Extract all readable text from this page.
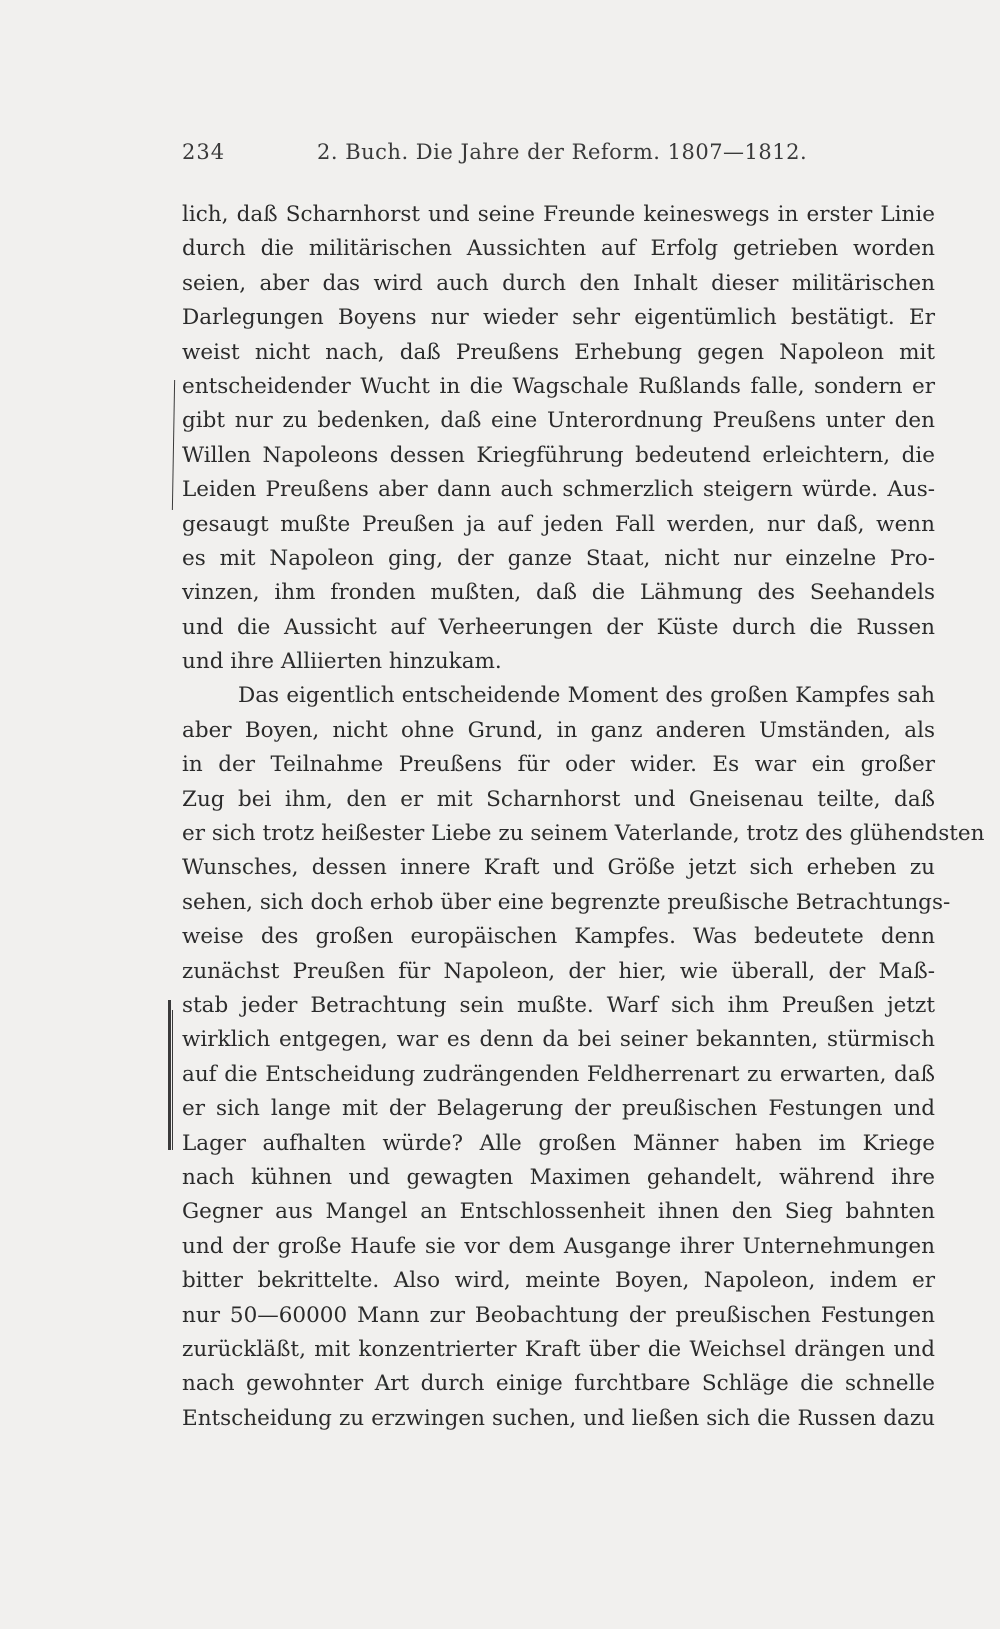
234	2. Buch. Die Jahre der Reform. 1807—1812.
lich, daß Scharnhorst und seine Freunde keineswegs in erster Linie
durch die militärischen Aussichten auf Erfolg getrieben worden
seien, aber das wird auch durch den Inhalt dieser militärischen
Darlegungen Boyens nur wieder sehr eigentümlich bestätigt. Er
weist nicht nach, daß Preußens Erhebung gegen Napoleon mit
entscheidender Wucht in die Wagschale Rußlands falle, sondern er
gibt nur zu bedenken, daß eine Unterordnung Preußens unter den
Willen Napoleons dessen Kriegführung bedeutend erleichtern, die
Leiden Preußens aber dann auch schmerzlich steigern würde. Aus-
gesaugt mußte Preußen ja auf jeden Fall werden, nur daß, wenn
es mit Napoleon ging, der ganze Staat, nicht nur einzelne Pro-
vinzen, ihm fronden mußten, daß die Lähmung des Seehandels
und die Aussicht auf Verheerungen der Küste durch die Russen
und ihre Alliierten hinzukam.
Das eigentlich entscheidende Moment des großen Kampfes sah
aber Boyen, nicht ohne Grund, in ganz anderen Umständen, als
in der Teilnahme Preußens für oder wider. Es war ein großer
Zug bei ihm, den er mit Scharnhorst und Gneisenau teilte, daß
er sich trotz heißester Liebe zu seinem Vaterlande, trotz des glühendsten
Wunsches, dessen innere Kraft und Größe jetzt sich erheben zu
sehen, sich doch erhob über eine begrenzte preußische Betrachtungs-
weise des großen europäischen Kampfes. Was bedeutete denn
zunächst Preußen für Napoleon, der hier, wie überall, der Maß-
stab jeder Betrachtung sein mußte. Warf sich ihm Preußen jetzt
wirklich entgegen, war es denn da bei seiner bekannten, stürmisch
auf die Entscheidung zudrängenden Feldherrenart zu erwarten, daß
er sich lange mit der Belagerung der preußischen Festungen und
Lager aufhalten würde? Alle großen Männer haben im Kriege
nach kühnen und gewagten Maximen gehandelt, während ihre
Gegner aus Mangel an Entschlossenheit ihnen den Sieg bahnten
und der große Haufe sie vor dem Ausgange ihrer Unternehmungen
bitter bekrittelte. Also wird, meinte Boyen, Napoleon, indem er
nur 50—60000 Mann zur Beobachtung der preußischen Festungen
zurückläßt, mit konzentrierter Kraft über die Weichsel drängen und
nach gewohnter Art durch einige furchtbare Schläge die schnelle
Entscheidung zu erzwingen suchen, und ließen sich die Russen dazu
